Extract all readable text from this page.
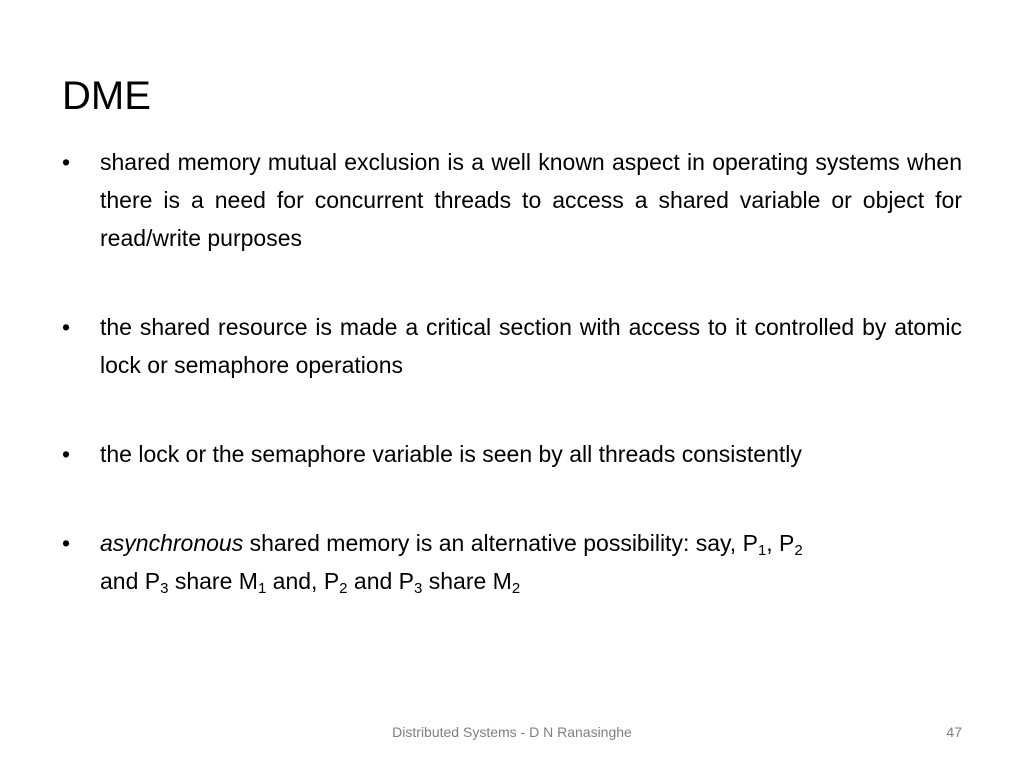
DME
•	shared memory mutual exclusion is a well known aspect in operating systems when there is a need for concurrent threads to access a shared variable or object for read/write purposes
•	the shared resource is made a critical section with access to it controlled by atomic lock or semaphore operations
•	the lock or the semaphore variable is seen by all threads consistently
•	asynchronous shared memory is an alternative possibility: say, $P_1$, $P_2$
and $P_3$ share $M_1$ and, $P_2$ and $P_3$ share $M_2$
Distributed Systems - D N Ranasinghe	47
